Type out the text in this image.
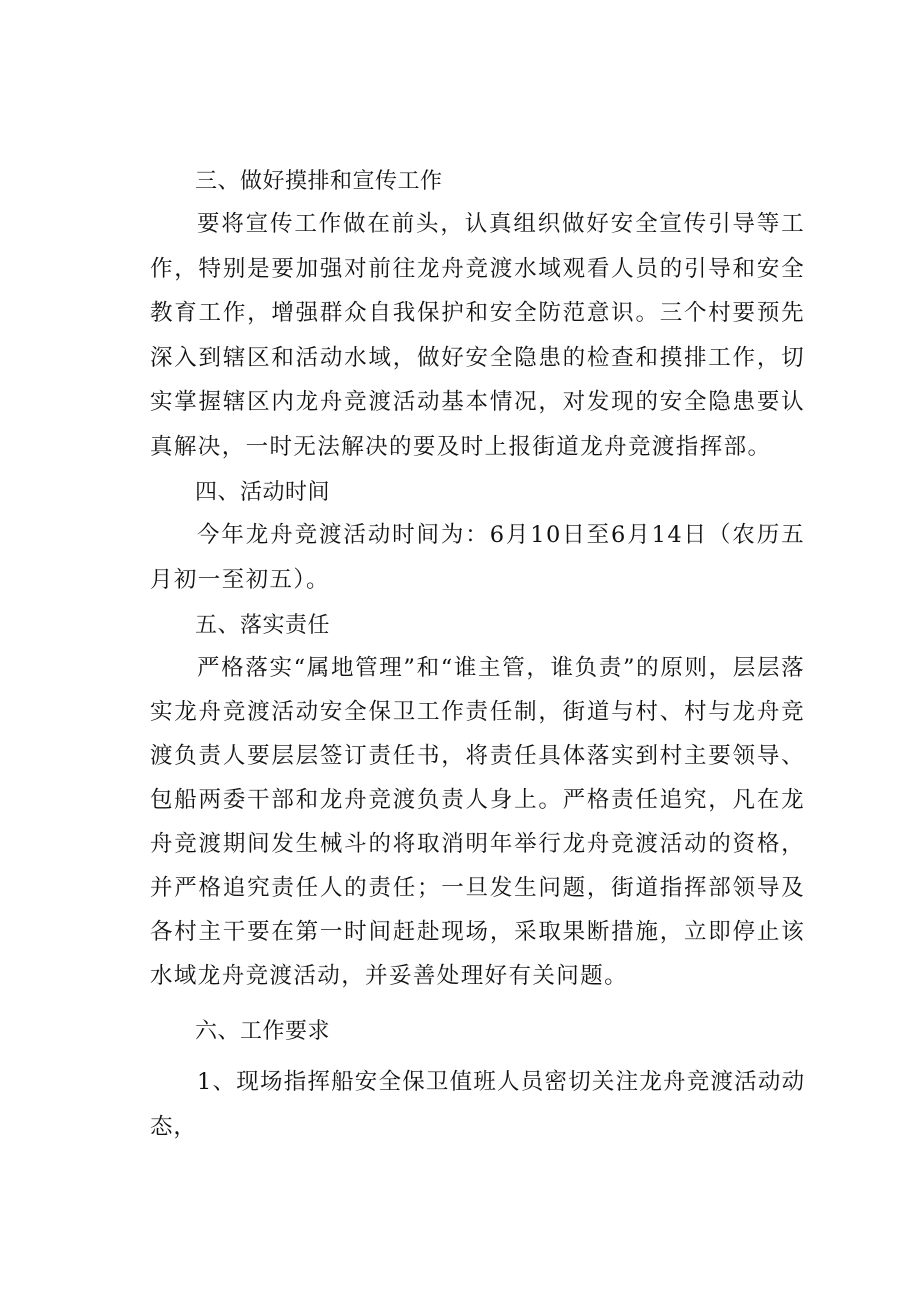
三、做好摸排和宣传工作

要将宣传工作做在前头，认真组织做好安全宣传引导等工作，特别是要加强对前往龙舟竞渡水域观看人员的引导和安全教育工作，增强群众自我保护和安全防范意识。三个村要预先深入到辖区和活动水域，做好安全隐患的检查和摸排工作，切实掌握辖区内龙舟竞渡活动基本情况，对发现的安全隐患要认真解决，一时无法解决的要及时上报街道龙舟竞渡指挥部。

四、活动时间

今年龙舟竞渡活动时间为：6月10日至6月14日（农历五月初一至初五）。

五、落实责任

严格落实“属地管理”和“谁主管，谁负责”的原则，层层落实龙舟竞渡活动安全保卫工作责任制，街道与村、村与龙舟竞渡负责人要层层签订责任书，将责任具体落实到村主要领导、包船两委干部和龙舟竞渡负责人身上。严格责任追究，凡在龙舟竞渡期间发生械斗的将取消明年举行龙舟竞渡活动的资格，并严格追究责任人的责任；一旦发生问题，街道指挥部领导及各村主干要在第一时间赶赴现场，采取果断措施，立即停止该水域龙舟竞渡活动，并妥善处理好有关问题。

六、工作要求

1、现场指挥船安全保卫值班人员密切关注龙舟竞渡活动动态，
